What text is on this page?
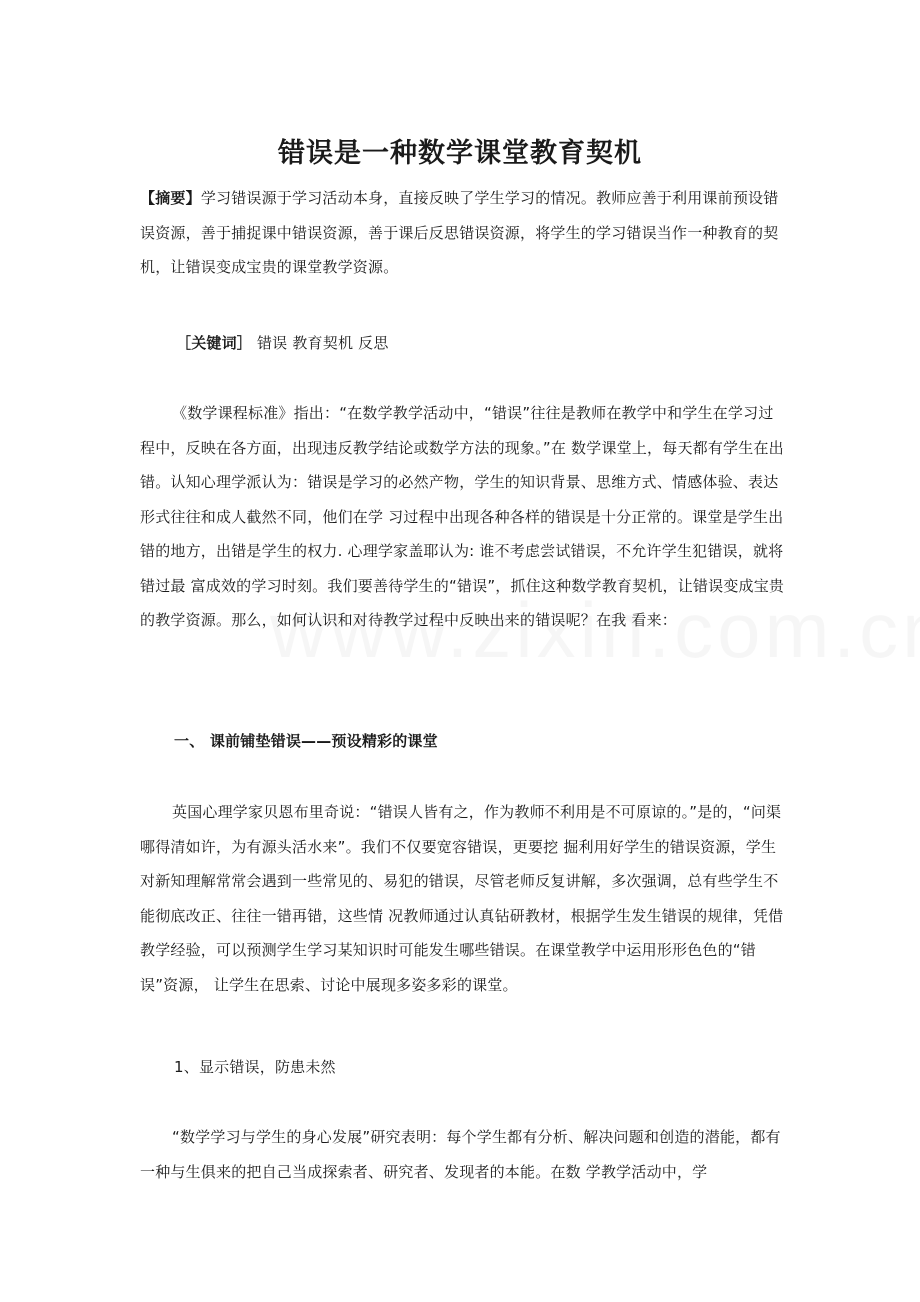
错误是一种数学课堂教育契机

【摘要】学习错误源于学习活动本身，直接反映了学生学习的情况。教师应善于利用课前预设错误资源，善于捕捉课中错误资源，善于课后反思错误资源，将学生的学习错误当作一种教育的契机，让错误变成宝贵的课堂教学资源。

［关键词］ 错误 教育契机 反思

《数学课程标准》指出：“在数学教学活动中，“错误”往往是教师在教学中和学生在学习过程中，反映在各方面，出现违反教学结论或数学方法的现象。”在 数学课堂上，每天都有学生在出错。认知心理学派认为：错误是学习的必然产物，学生的知识背景、思维方式、情感体验、表达形式往往和成人截然不同，他们在学 习过程中出现各种各样的错误是十分正常的。课堂是学生出错的地方，出错是学生的权力. 心理学家盖耶认为: 谁不考虑尝试错误，不允许学生犯错误，就将错过最 富成效的学习时刻。我们要善待学生的“错误”，抓住这种数学教育契机，让错误变成宝贵的教学资源。那么，如何认识和对待教学过程中反映出来的错误呢？在我 看来：

一、 课前铺垫错误——预设精彩的课堂

英国心理学家贝恩布里奇说：“错误人皆有之，作为教师不利用是不可原谅的。”是的，“问渠哪得清如许，为有源头活水来”。我们不仅要宽容错误，更要挖 掘利用好学生的错误资源，学生对新知理解常常会遇到一些常见的、易犯的错误，尽管老师反复讲解，多次强调，总有些学生不能彻底改正、往往一错再错，这些情 况教师通过认真钻研教材，根据学生发生错误的规律，凭借教学经验，可以预测学生学习某知识时可能发生哪些错误。在课堂教学中运用形形色色的“错误”资源， 让学生在思索、讨论中展现多姿多彩的课堂。

1、显示错误，防患未然

“数学学习与学生的身心发展”研究表明：每个学生都有分析、解决问题和创造的潜能，都有一种与生俱来的把自己当成探索者、研究者、发现者的本能。在数 学教学活动中，学
